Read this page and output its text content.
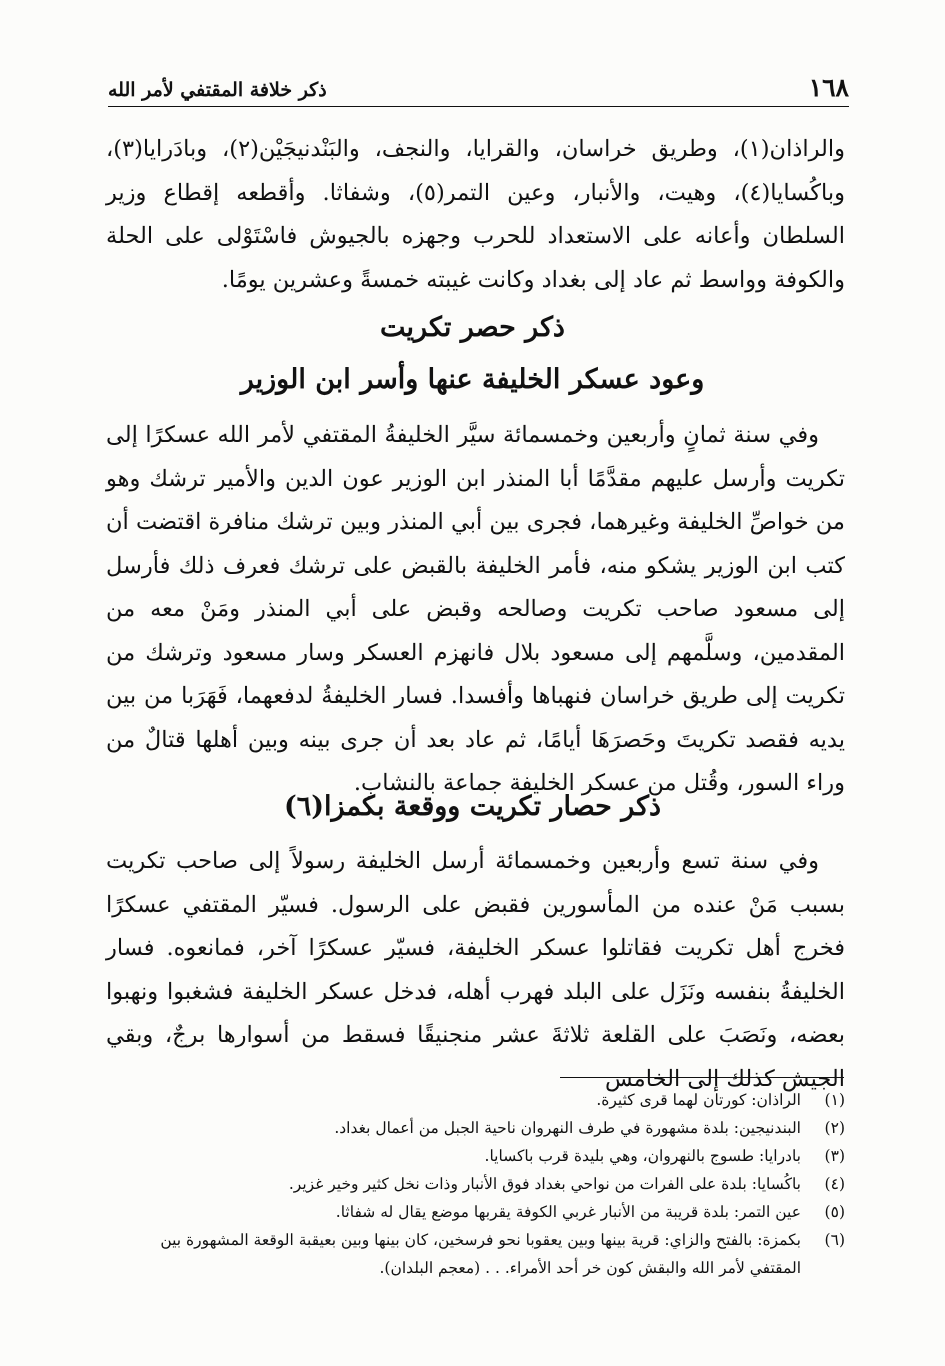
١٦٨
ذكر خلافة المقتفي لأمر الله

والراذان(١)، وطريق خراسان، والقرايا، والنجف، والبَنْدنيجَيْن(٢)، وبادَرايا(٣)، وباكُسايا(٤)، وهيت، والأنبار، وعين التمر(٥)، وشفاثا. وأقطعه إقطاع وزير السلطان وأعانه على الاستعداد للحرب وجهزه بالجيوش فاسْتَوْلى على الحلة والكوفة وواسط ثم عاد إلى بغداد وكانت غيبته خمسةً وعشرين يومًا.

ذكر حصر تكريت
وعود عسكر الخليفة عنها وأسر ابن الوزير

وفي سنة ثمانٍ وأربعين وخمسمائة سيَّر الخليفةُ المقتفي لأمر الله عسكرًا إلى تكريت وأرسل عليهم مقدَّمًا أبا المنذر ابن الوزير عون الدين والأمير ترشك وهو من خواصِّ الخليفة وغيرهما، فجرى بين أبي المنذر وبين ترشك منافرة اقتضت أن كتب ابن الوزير يشكو منه، فأمر الخليفة بالقبض على ترشك فعرف ذلك فأرسل إلى مسعود صاحب تكريت وصالحه وقبض على أبي المنذر ومَنْ معه من المقدمين، وسلَّمهم إلى مسعود بلال فانهزم العسكر وسار مسعود وترشك من تكريت إلى طريق خراسان فنهباها وأفسدا. فسار الخليفةُ لدفعهما، فَهَرَبا من بين يديه فقصد تكريتَ وحَصرَهَا أيامًا، ثم عاد بعد أن جرى بينه وبين أهلها قتالٌ من وراء السور، وقُتل من عسكر الخليفة جماعة بالنشابِ.

ذكر حصار تكريت ووقعة بكمزا(٦)

وفي سنة تسع وأربعين وخمسمائة أرسل الخليفة رسولاً إلى صاحب تكريت بسبب مَنْ عنده من المأسورين فقبض على الرسول. فسيّر المقتفي عسكرًا فخرج أهل تكريت فقاتلوا عسكر الخليفة، فسيّر عسكرًا آخر، فمانعوه. فسار الخليفةُ بنفسه ونَزَل على البلد فهرب أهله، فدخل عسكر الخليفة فشغبوا ونهبوا بعضه، ونَصَبَ على القلعة ثلاثةَ عشر منجنيقًا فسقط من أسوارها برجٌ، وبقي الجيش كذلك إلى الخامس

(١)
الراذان: كورتان لهما قرى كثيرة.
(٢)
البندنيجين: بلدة مشهورة في طرف النهروان ناحية الجبل من أعمال بغداد.
(٣)
بادرايا: طسوج بالنهروان، وهي بليدة قرب باكسايا.
(٤)
باكُسايا: بلدة على الفرات من نواحي بغداد فوق الأنبار وذات نخل كثير وخير غزير.
(٥)
عين التمر: بلدة قريبة من الأنبار غربي الكوفة يقربها موضع يقال له شفاثا.
(٦)
بكمزة: بالفتح والزاي: قرية بينها وبين يعقوبا نحو فرسخين، كان بينها وبين بعيقبة الوقعة المشهورة بين المقتفي لأمر الله والبقش كون خر أحد الأمراء. . . (معجم البلدان).
